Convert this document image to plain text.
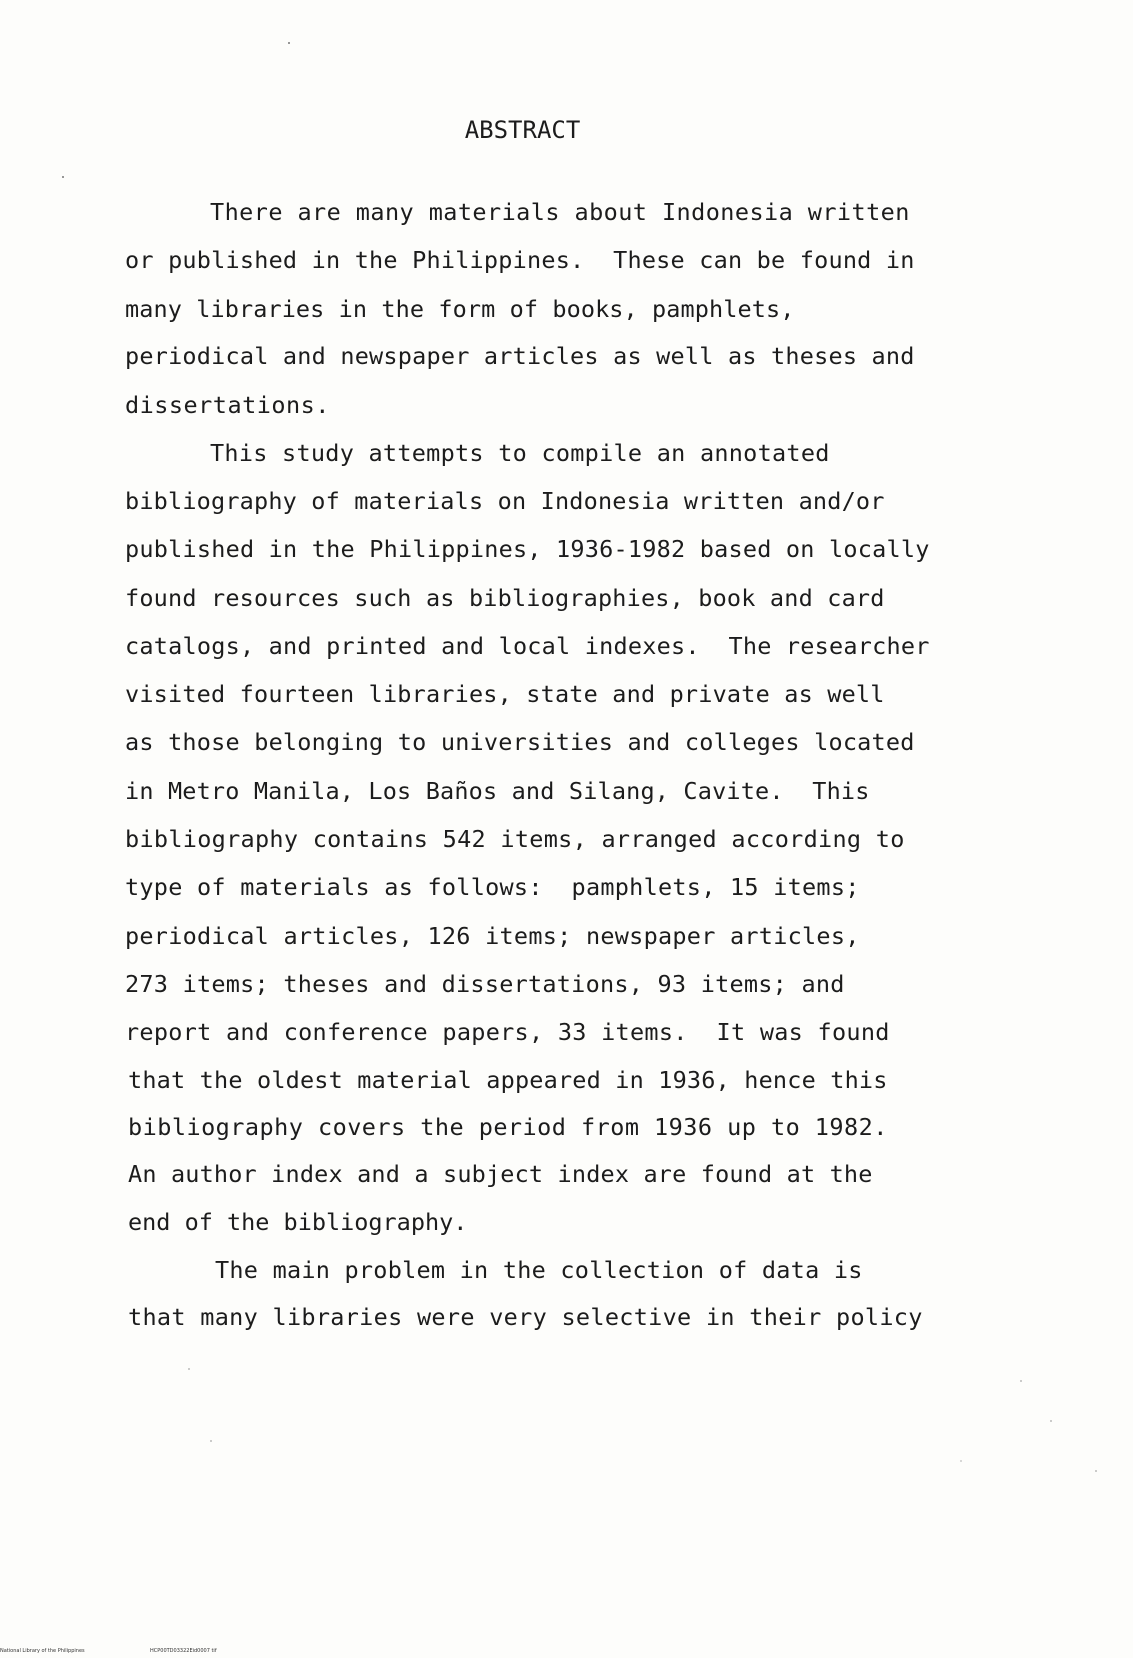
ABSTRACT
There are many materials about Indonesia written
or published in the Philippines.  These can be found in
many libraries in the form of books, pamphlets,
periodical and newspaper articles as well as theses and
dissertations.
This study attempts to compile an annotated
bibliography of materials on Indonesia written and/or
published in the Philippines, 1936-1982 based on locally
found resources such as bibliographies, book and card
catalogs, and printed and local indexes.  The researcher
visited fourteen libraries, state and private as well
as those belonging to universities and colleges located
in Metro Manila, Los Baños and Silang, Cavite.  This
bibliography contains 542 items, arranged according to
type of materials as follows:  pamphlets, 15 items;
periodical articles, 126 items; newspaper articles,
273 items; theses and dissertations, 93 items; and
report and conference papers, 33 items.  It was found
that the oldest material appeared in 1936, hence this
bibliography covers the period from 1936 up to 1982.
An author index and a subject index are found at the
end of the bibliography.
The main problem in the collection of data is
that many libraries were very selective in their policy
National Library of the Philippines	HCP00TD03322Eid0007 tif
